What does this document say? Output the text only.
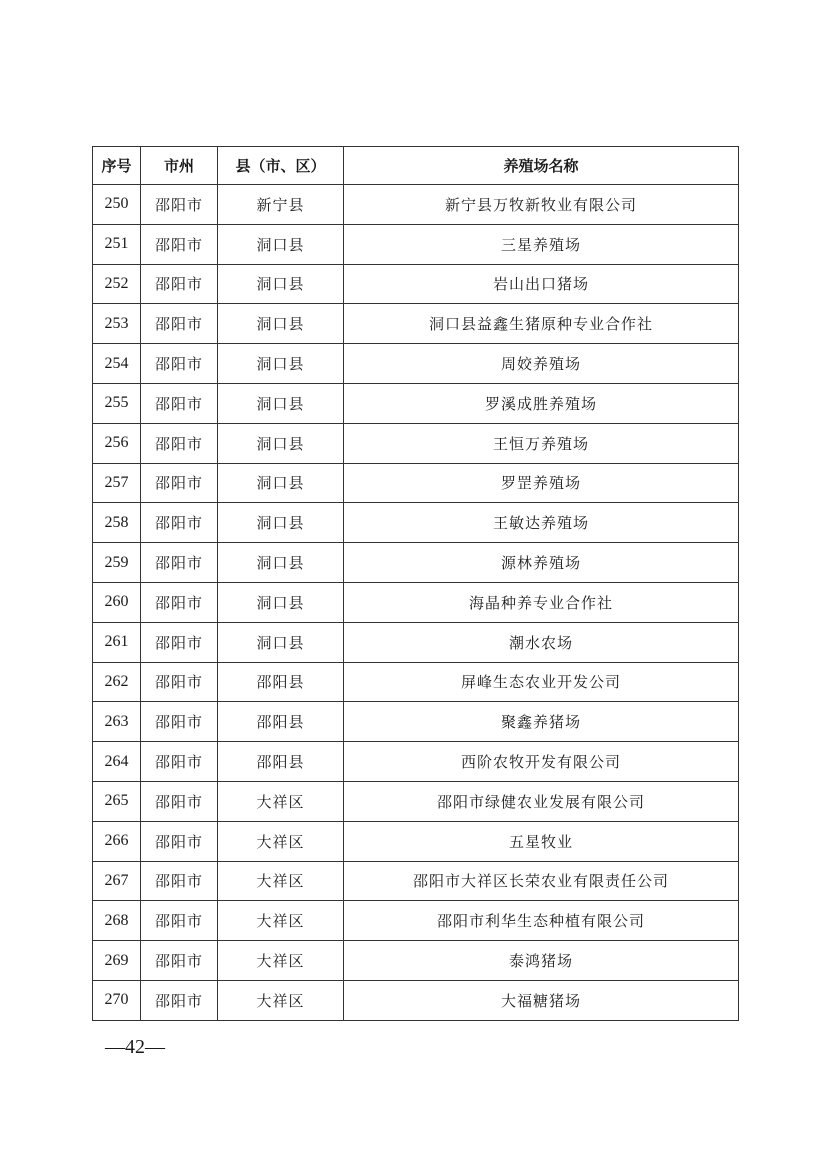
序号	市州	县（市、区）	养殖场名称
250	邵阳市	新宁县	新宁县万牧新牧业有限公司
251	邵阳市	洞口县	三星养殖场
252	邵阳市	洞口县	岩山出口猪场
253	邵阳市	洞口县	洞口县益鑫生猪原种专业合作社
254	邵阳市	洞口县	周姣养殖场
255	邵阳市	洞口县	罗溪成胜养殖场
256	邵阳市	洞口县	王恒万养殖场
257	邵阳市	洞口县	罗罡养殖场
258	邵阳市	洞口县	王敏达养殖场
259	邵阳市	洞口县	源林养殖场
260	邵阳市	洞口县	海晶种养专业合作社
261	邵阳市	洞口县	潮水农场
262	邵阳市	邵阳县	屏峰生态农业开发公司
263	邵阳市	邵阳县	聚鑫养猪场
264	邵阳市	邵阳县	西阶农牧开发有限公司
265	邵阳市	大祥区	邵阳市绿健农业发展有限公司
266	邵阳市	大祥区	五星牧业
267	邵阳市	大祥区	邵阳市大祥区长荣农业有限责任公司
268	邵阳市	大祥区	邵阳市利华生态种植有限公司
269	邵阳市	大祥区	泰鸿猪场
270	邵阳市	大祥区	大福糖猪场
—42—
